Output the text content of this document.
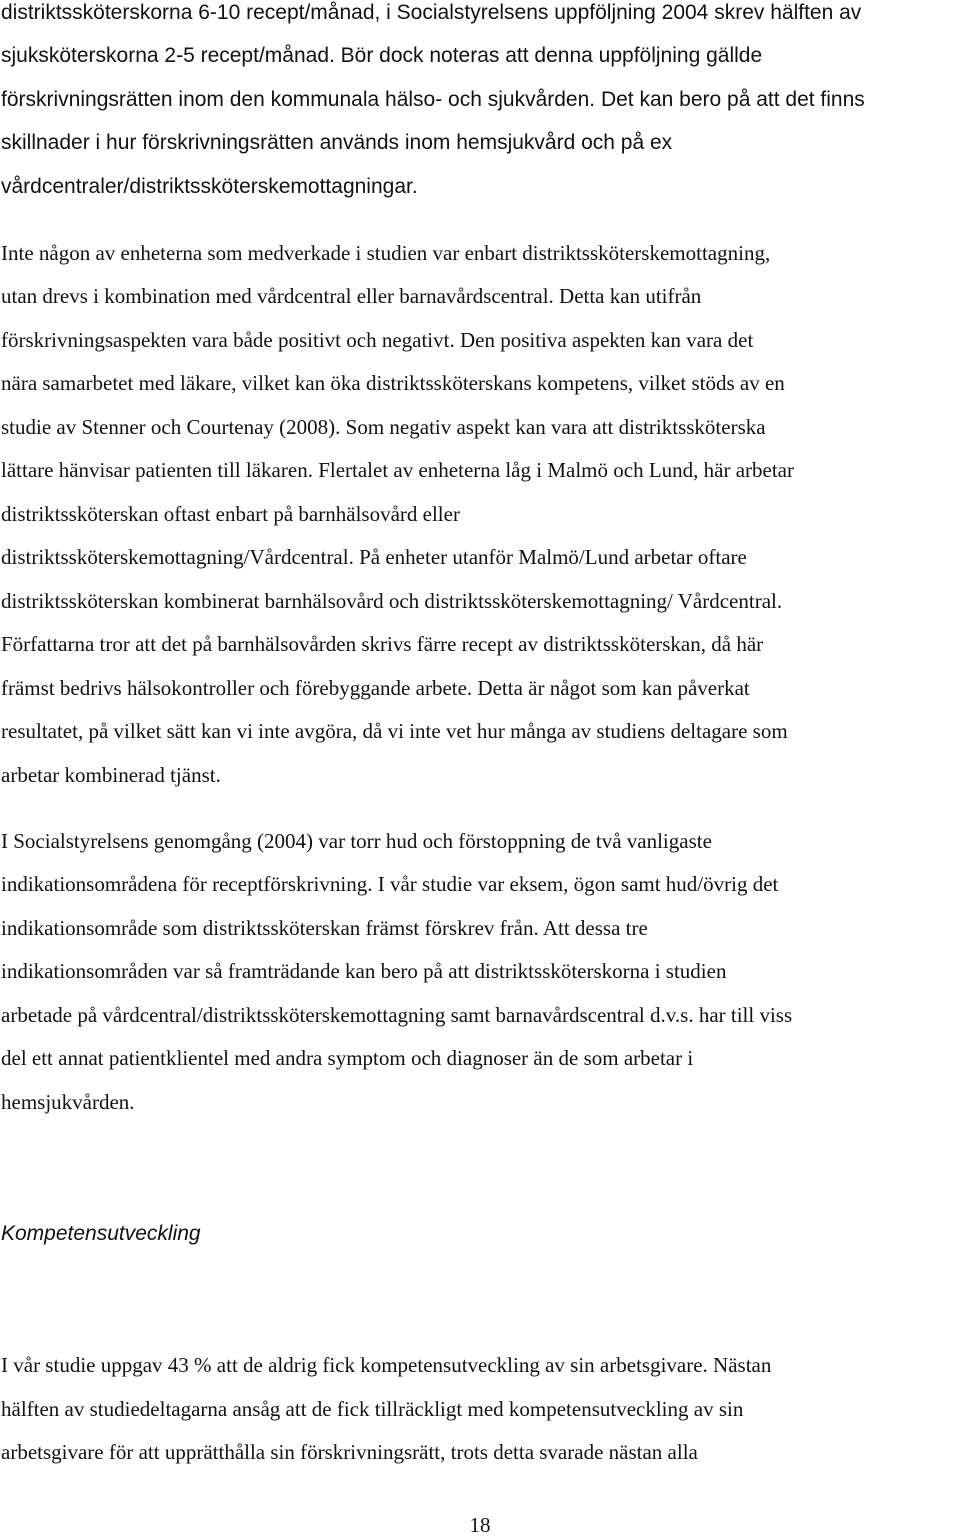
distriktssköterskorna 6-10 recept/månad, i Socialstyrelsens uppföljning 2004 skrev hälften av
sjuksköterskorna 2-5 recept/månad. Bör dock noteras att denna uppföljning gällde
förskrivningsrätten inom den kommunala hälso- och sjukvården. Det kan bero på att det finns
skillnader i hur förskrivningsrätten används inom hemsjukvård och på ex
vårdcentraler/distriktssköterskemottagningar.
Inte någon av enheterna som medverkade i studien var enbart distriktssköterskemottagning,
utan drevs i kombination med vårdcentral eller barnavårdscentral. Detta kan utifrån
förskrivningsaspekten vara både positivt och negativt. Den positiva aspekten kan vara det
nära samarbetet med läkare, vilket kan öka distriktssköterskans kompetens, vilket stöds av en
studie av Stenner och Courtenay (2008). Som negativ aspekt kan vara att distriktssköterska
lättare hänvisar patienten till läkaren. Flertalet av enheterna låg i Malmö och Lund, här arbetar
distriktssköterskan oftast enbart på barnhälsovård eller
distriktssköterskemottagning/Vårdcentral. På enheter utanför Malmö/Lund arbetar oftare
distriktssköterskan kombinerat barnhälsovård och distriktssköterskemottagning/ Vårdcentral.
Författarna tror att det på barnhälsovården skrivs färre recept av distriktssköterskan, då här
främst bedrivs hälsokontroller och förebyggande arbete. Detta är något som kan påverkat
resultatet, på vilket sätt kan vi inte avgöra, då vi inte vet hur många av studiens deltagare som
arbetar kombinerad tjänst.
I Socialstyrelsens genomgång (2004) var torr hud och förstoppning de två vanligaste
indikationsområdena för receptförskrivning. I vår studie var eksem, ögon samt hud/övrig det
indikationsområde som distriktssköterskan främst förskrev från. Att dessa tre
indikationsområden var så framträdande kan bero på att distriktssköterskorna i studien
arbetade på vårdcentral/distriktssköterskemottagning samt barnavårdscentral d.v.s. har till viss
del ett annat patientklientel med andra symptom och diagnoser än de som arbetar i
hemsjukvården.
Kompetensutveckling
I vår studie uppgav 43 % att de aldrig fick kompetensutveckling av sin arbetsgivare. Nästan
hälften av studiedeltagarna ansåg att de fick tillräckligt med kompetensutveckling av sin
arbetsgivare för att upprätthålla sin förskrivningsrätt, trots detta svarade nästan alla
18
